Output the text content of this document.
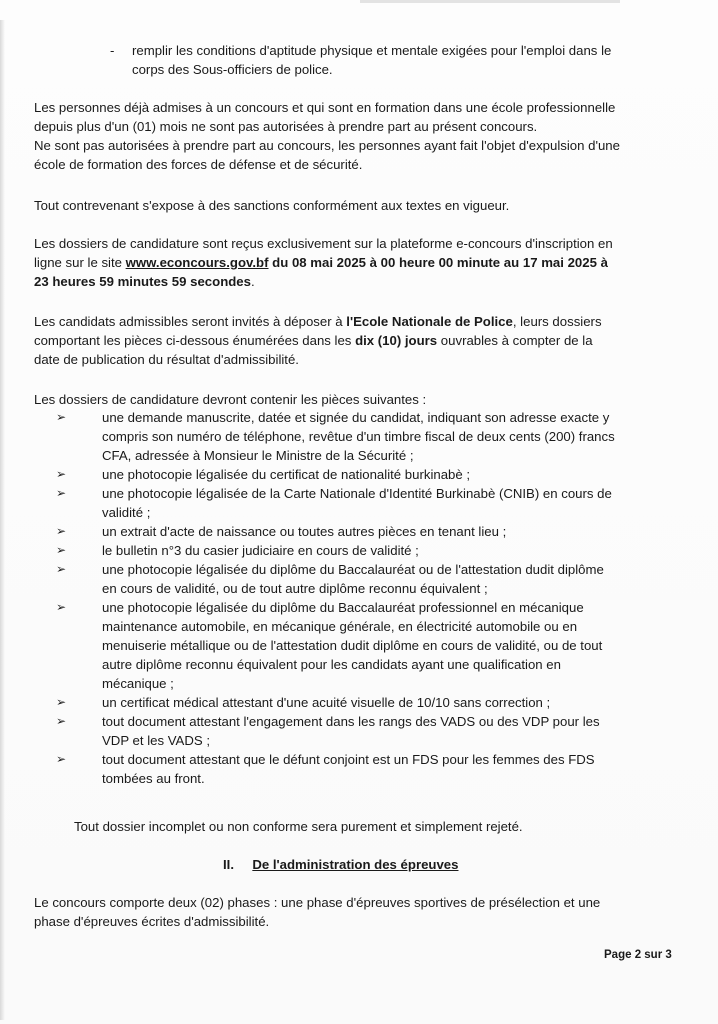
- remplir les conditions d'aptitude physique et mentale exigées pour l'emploi dans le
corps des Sous-officiers de police.
Les personnes déjà admises à un concours et qui sont en formation dans une école professionnelle
depuis plus d'un (01) mois ne sont pas autorisées à prendre part au présent concours.
Ne sont pas autorisées à prendre part au concours, les personnes ayant fait l'objet d'expulsion d'une
école de formation des forces de défense et de sécurité.
Tout contrevenant s'expose à des sanctions conformément aux textes en vigueur.
Les dossiers de candidature sont reçus exclusivement sur la plateforme e-concours d'inscription en
ligne sur le site www.econcours.gov.bf du 08 mai 2025 à 00 heure 00 minute au 17 mai 2025 à
23 heures 59 minutes 59 secondes.
Les candidats admissibles seront invités à déposer à l'Ecole Nationale de Police, leurs dossiers
comportant les pièces ci-dessous énumérées dans les dix (10) jours ouvrables à compter de la
date de publication du résultat d'admissibilité.
Les dossiers de candidature devront contenir les pièces suivantes :
➢	une demande manuscrite, datée et signée du candidat, indiquant son adresse exacte y
compris son numéro de téléphone, revêtue d'un timbre fiscal de deux cents (200) francs
CFA, adressée à Monsieur le Ministre de la Sécurité ;
➢	une photocopie légalisée du certificat de nationalité burkinabè ;
➢	une photocopie légalisée de la Carte Nationale d'Identité Burkinabè (CNIB) en cours de
validité ;
➢	un extrait d'acte de naissance ou toutes autres pièces en tenant lieu ;
➢	le bulletin n°3 du casier judiciaire en cours de validité ;
➢	une photocopie légalisée du diplôme du Baccalauréat ou de l'attestation dudit diplôme
en cours de validité, ou de tout autre diplôme reconnu équivalent ;
➢	une photocopie légalisée du diplôme du Baccalauréat professionnel en mécanique
maintenance automobile, en mécanique générale, en électricité automobile ou en
menuiserie métallique ou de l'attestation dudit diplôme en cours de validité, ou de tout
autre diplôme reconnu équivalent pour les candidats ayant une qualification en
mécanique ;
➢	un certificat médical attestant d'une acuité visuelle de 10/10 sans correction ;
➢	tout document attestant l'engagement dans les rangs des VADS ou des VDP pour les
VDP et les VADS ;
➢	tout document attestant que le défunt conjoint est un FDS pour les femmes des FDS
tombées au front.
Tout dossier incomplet ou non conforme sera purement et simplement rejeté.
II. De l'administration des épreuves
Le concours comporte deux (02) phases : une phase d'épreuves sportives de présélection et une
phase d'épreuves écrites d'admissibilité.
Page 2 sur 3
